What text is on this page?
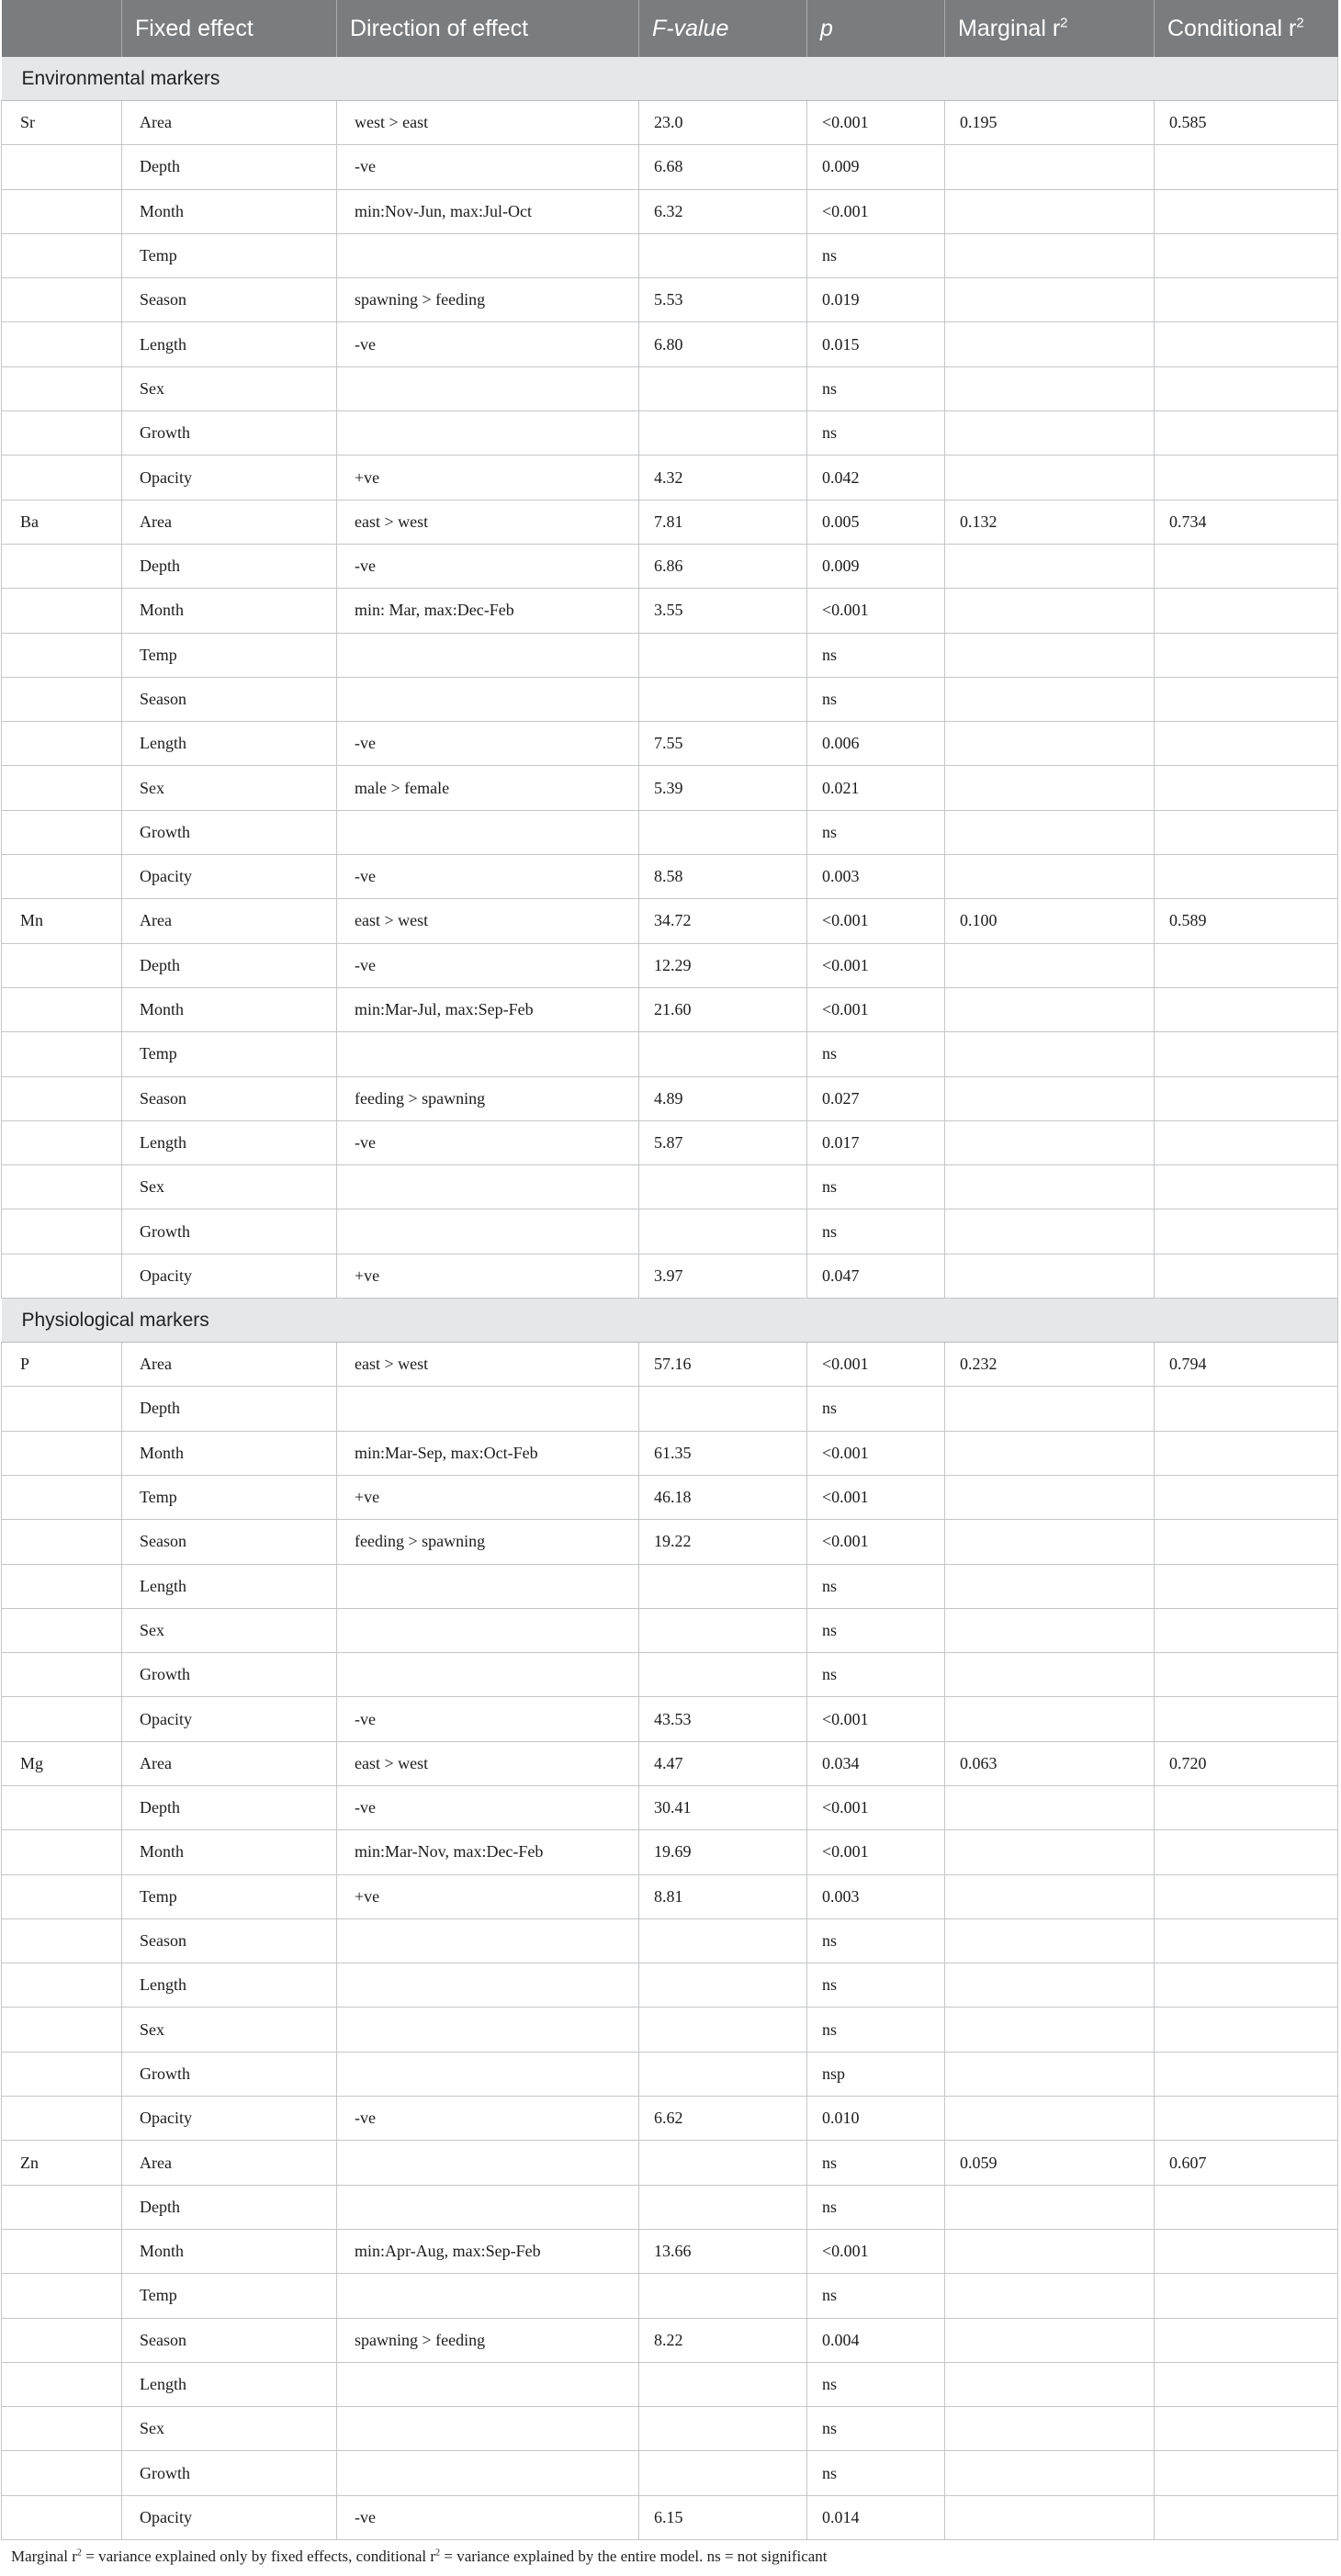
	Fixed effect	Direction of effect	F-value	p	Marginal $r^2$	Conditional $r^2$
Environmental markers						
Sr	Area	west > east	23.0	<0.001	0.195	0.585
	Depth	-ve	6.68	0.009		
	Month	min:Nov-Jun, max:Jul-Oct	6.32	<0.001		
	Temp			ns		
	Season	spawning > feeding	5.53	0.019		
	Length	-ve	6.80	0.015		
	Sex			ns		
	Growth			ns		
	Opacity	+ve	4.32	0.042		
Ba	Area	east > west	7.81	0.005	0.132	0.734
	Depth	-ve	6.86	0.009		
	Month	min: Mar, max:Dec-Feb	3.55	<0.001		
	Temp			ns		
	Season			ns		
	Length	-ve	7.55	0.006		
	Sex	male > female	5.39	0.021		
	Growth			ns		
	Opacity	-ve	8.58	0.003		
Mn	Area	east > west	34.72	<0.001	0.100	0.589
	Depth	-ve	12.29	<0.001		
	Month	min:Mar-Jul, max:Sep-Feb	21.60	<0.001		
	Temp			ns		
	Season	feeding > spawning	4.89	0.027		
	Length	-ve	5.87	0.017		
	Sex			ns		
	Growth			ns		
	Opacity	+ve	3.97	0.047		
Physiological markers						
P	Area	east > west	57.16	<0.001	0.232	0.794
	Depth			ns		
	Month	min:Mar-Sep, max:Oct-Feb	61.35	<0.001		
	Temp	+ve	46.18	<0.001		
	Season	feeding > spawning	19.22	<0.001		
	Length			ns		
	Sex			ns		
	Growth			ns		
	Opacity	-ve	43.53	<0.001		
Mg	Area	east > west	4.47	0.034	0.063	0.720
	Depth	-ve	30.41	<0.001		
	Month	min:Mar-Nov, max:Dec-Feb	19.69	<0.001		
	Temp	+ve	8.81	0.003		
	Season			ns		
	Length			ns		
	Sex			ns		
	Growth			nsp		
	Opacity	-ve	6.62	0.010		
Zn	Area			ns	0.059	0.607
	Depth			ns		
	Month	min:Apr-Aug, max:Sep-Feb	13.66	<0.001		
	Temp			ns		
	Season	spawning > feeding	8.22	0.004		
	Length			ns		
	Sex			ns		
	Growth			ns		
	Opacity	-ve	6.15	0.014		
Marginal $r^2$ = variance explained only by fixed effects, conditional $r^2$ = variance explained by the entire model. ns = not significant
